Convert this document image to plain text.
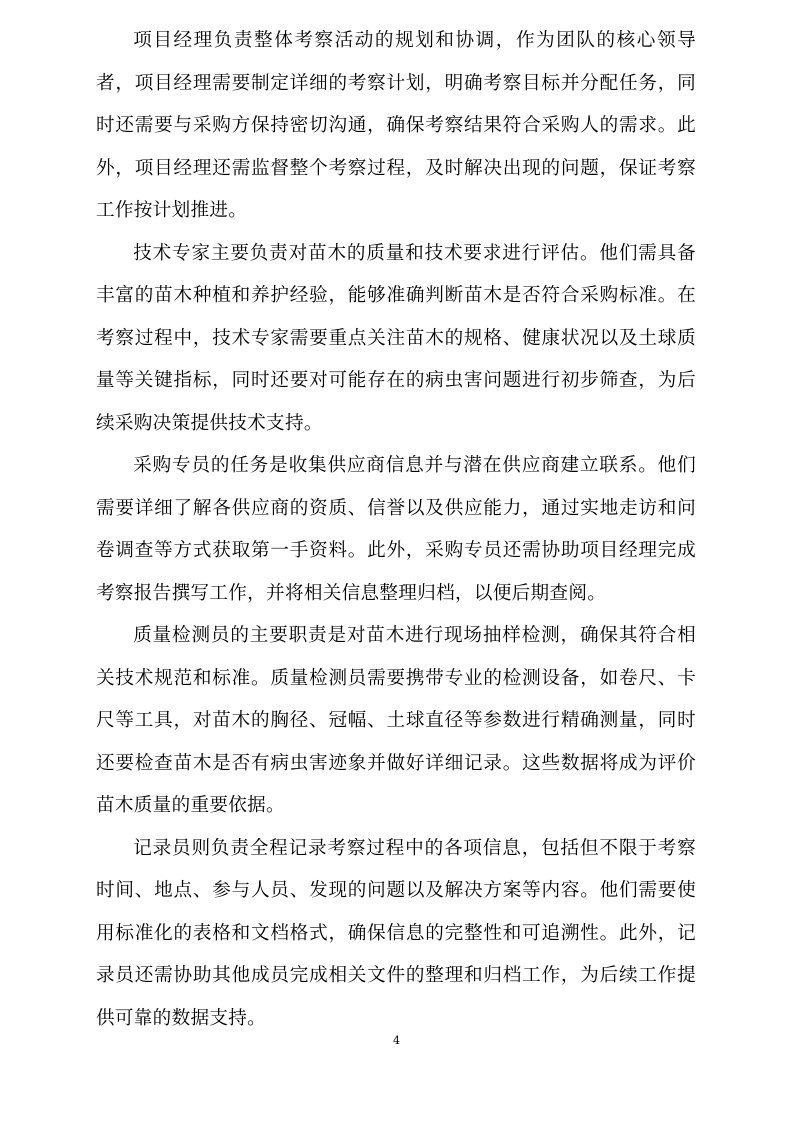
项目经理负责整体考察活动的规划和协调，作为团队的核心领导者，项目经理需要制定详细的考察计划，明确考察目标并分配任务，同时还需要与采购方保持密切沟通，确保考察结果符合采购人的需求。此外，项目经理还需监督整个考察过程，及时解决出现的问题，保证考察工作按计划推进。

技术专家主要负责对苗木的质量和技术要求进行评估。他们需具备丰富的苗木种植和养护经验，能够准确判断苗木是否符合采购标准。在考察过程中，技术专家需要重点关注苗木的规格、健康状况以及土球质量等关键指标，同时还要对可能存在的病虫害问题进行初步筛查，为后续采购决策提供技术支持。

采购专员的任务是收集供应商信息并与潜在供应商建立联系。他们需要详细了解各供应商的资质、信誉以及供应能力，通过实地走访和问卷调查等方式获取第一手资料。此外，采购专员还需协助项目经理完成考察报告撰写工作，并将相关信息整理归档，以便后期查阅。

质量检测员的主要职责是对苗木进行现场抽样检测，确保其符合相关技术规范和标准。质量检测员需要携带专业的检测设备，如卷尺、卡尺等工具，对苗木的胸径、冠幅、土球直径等参数进行精确测量，同时还要检查苗木是否有病虫害迹象并做好详细记录。这些数据将成为评价苗木质量的重要依据。

记录员则负责全程记录考察过程中的各项信息，包括但不限于考察时间、地点、参与人员、发现的问题以及解决方案等内容。他们需要使用标准化的表格和文档格式，确保信息的完整性和可追溯性。此外，记录员还需协助其他成员完成相关文件的整理和归档工作，为后续工作提供可靠的数据支持。

4
